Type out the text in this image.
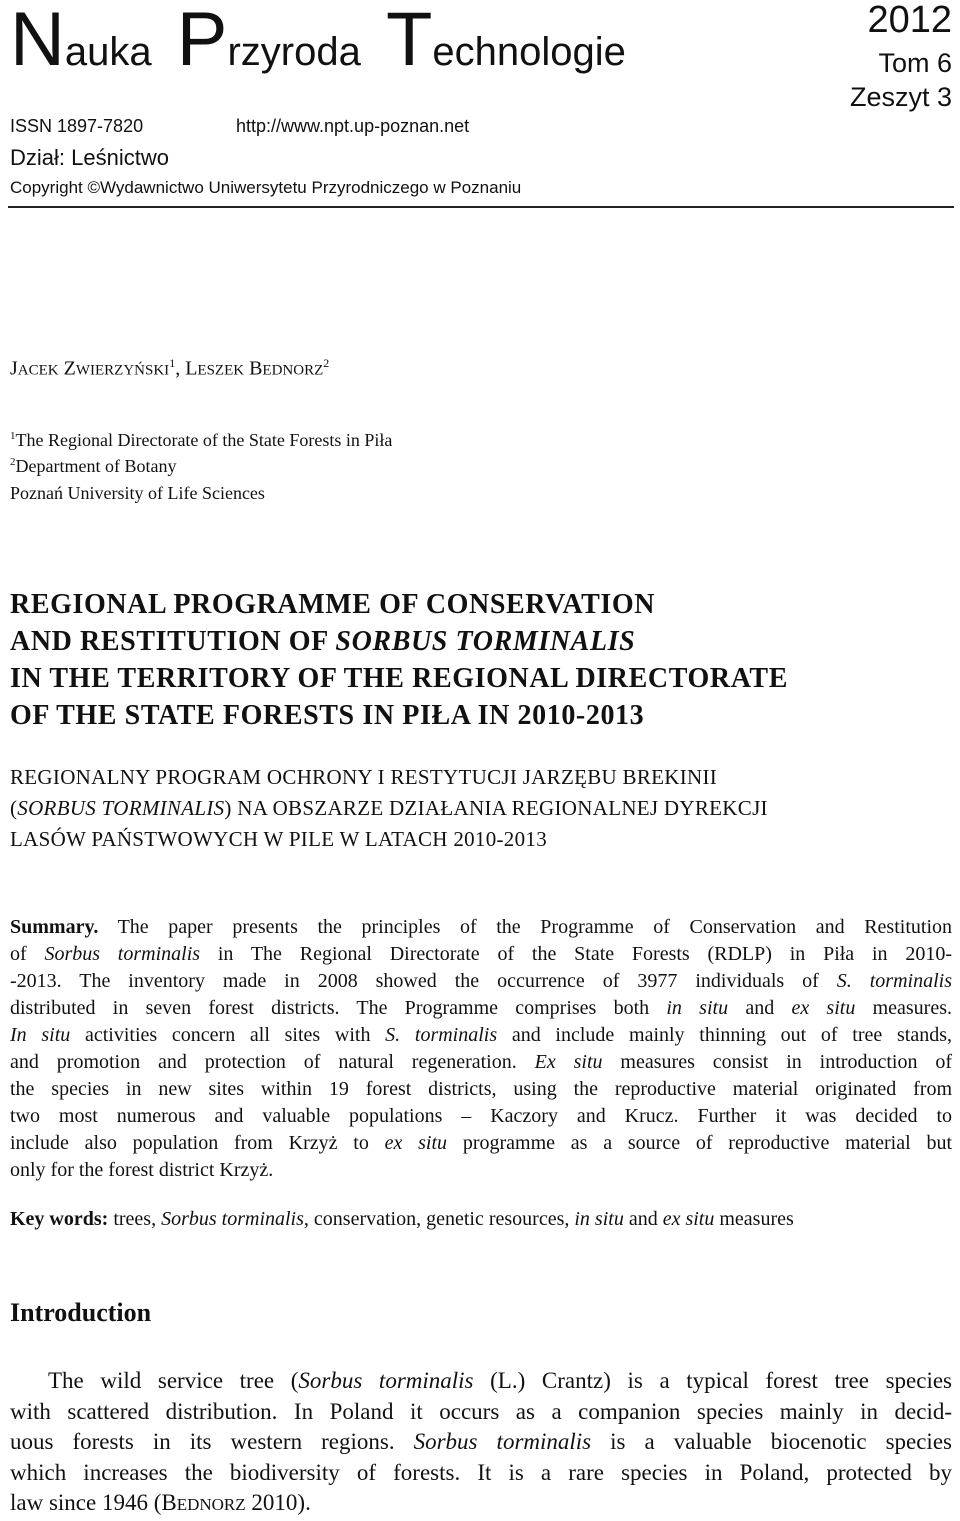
Nauka Przyroda Technologie
2012
Tom 6
Zeszyt 3
ISSN 1897-7820	http://www.npt.up-poznan.net
Dział: Leśnictwo
Copyright ©Wydawnictwo Uniwersytetu Przyrodniczego w Poznaniu
JACEK ZWIERZYŃSKI$^1$, LESZEK BEDNORZ$^2$
$^1$The Regional Directorate of the State Forests in Piła
$^2$Department of Botany
Poznań University of Life Sciences
REGIONAL PROGRAMME OF CONSERVATION
AND RESTITUTION OF SORBUS TORMINALIS
IN THE TERRITORY OF THE REGIONAL DIRECTORATE
OF THE STATE FORESTS IN PIŁA IN 2010-2013
REGIONALNY PROGRAM OCHRONY I RESTYTUCJI JARZĘBU BREKINII
(SORBUS TORMINALIS) NA OBSZARZE DZIAŁANIA REGIONALNEJ DYREKCJI
LASÓW PAŃSTWOWYCH W PILE W LATACH 2010-2013
Summary. The paper presents the principles of the Programme of Conservation and Restitution
of Sorbus torminalis in The Regional Directorate of the State Forests (RDLP) in Piła in 2010-
-2013. The inventory made in 2008 showed the occurrence of 3977 individuals of S. torminalis
distributed in seven forest districts. The Programme comprises both in situ and ex situ measures.
In situ activities concern all sites with S. torminalis and include mainly thinning out of tree stands,
and promotion and protection of natural regeneration. Ex situ measures consist in introduction of
the species in new sites within 19 forest districts, using the reproductive material originated from
two most numerous and valuable populations – Kaczory and Krucz. Further it was decided to
include also population from Krzyż to ex situ programme as a source of reproductive material but
only for the forest district Krzyż.
Key words: trees, Sorbus torminalis, conservation, genetic resources, in situ and ex situ measures
Introduction
The wild service tree (Sorbus torminalis (L.) Crantz) is a typical forest tree species
with scattered distribution. In Poland it occurs as a companion species mainly in decid-
uous forests in its western regions. Sorbus torminalis is a valuable biocenotic species
which increases the biodiversity of forests. It is a rare species in Poland, protected by
law since 1946 (BEDNORZ 2010).
